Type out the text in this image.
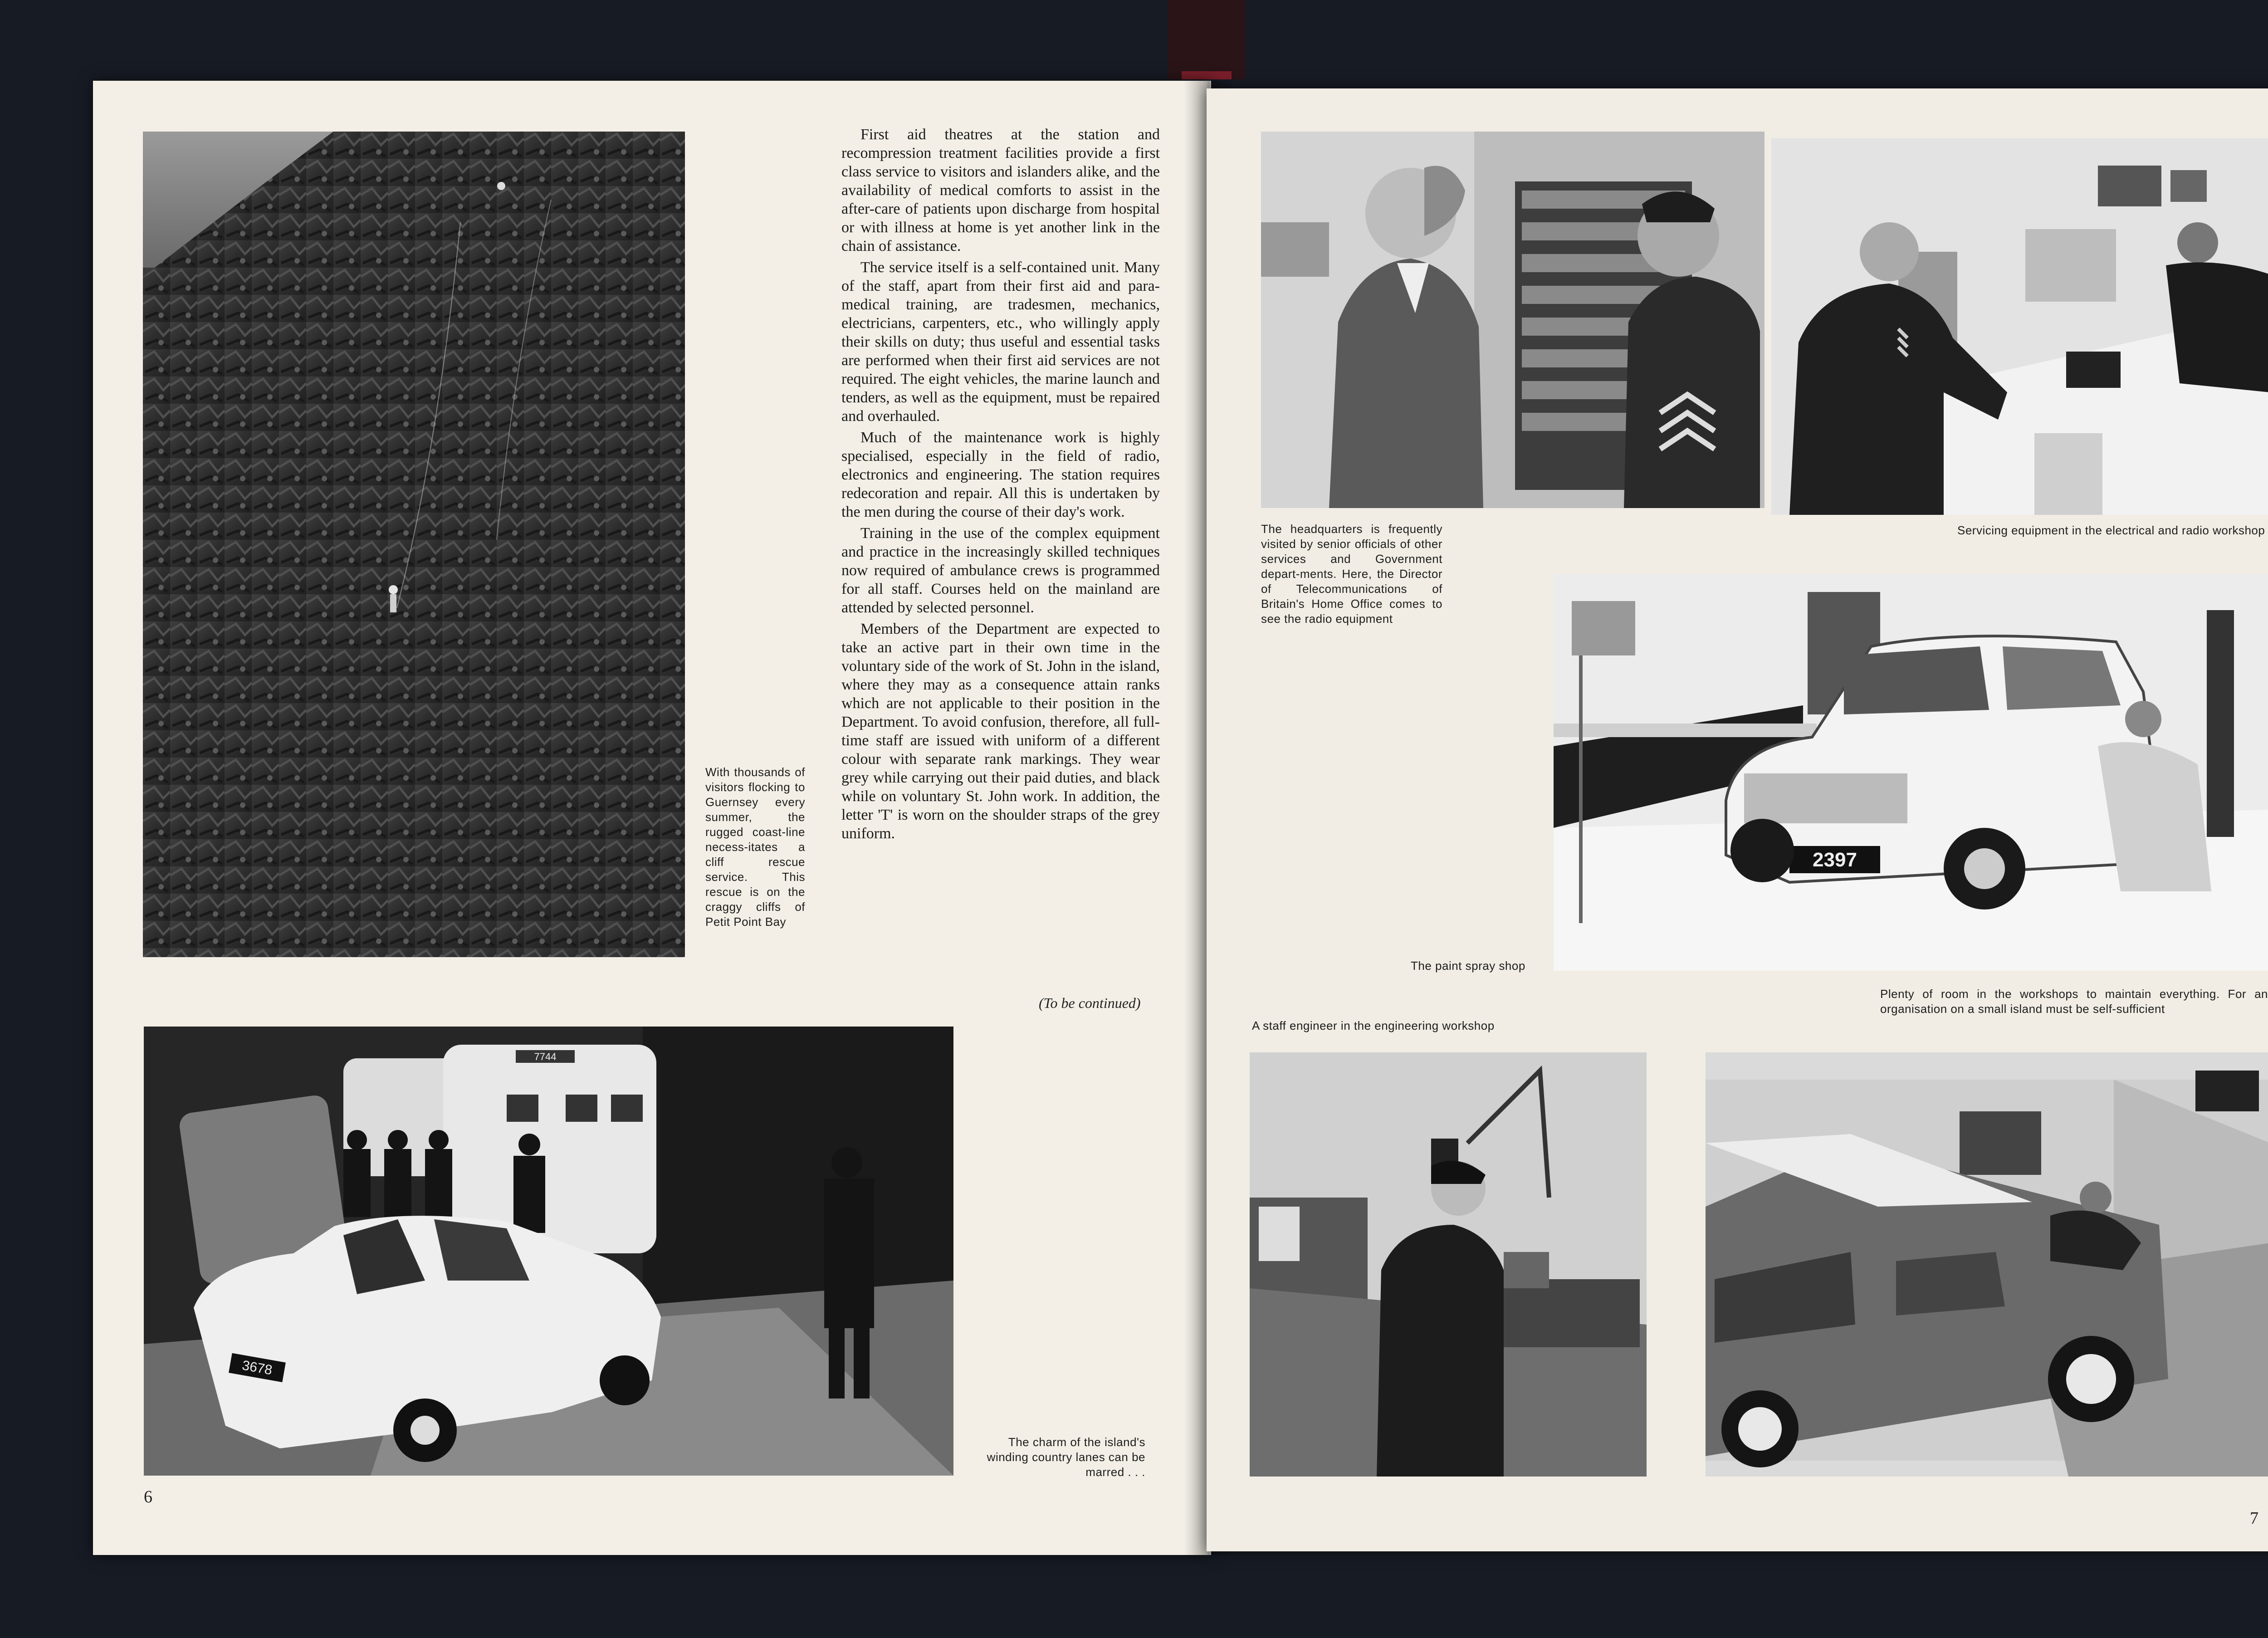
With thousands of visitors flocking to Guernsey every summer, the rugged coast-line necess-itates a cliff rescue service. This rescue is on the craggy cliffs of Petit Point Bay

First aid theatres at the station and recompression treatment facilities provide a first class service to visitors and islanders alike, and the availability of medical comforts to assist in the after-care of patients upon discharge from hospital or with illness at home is yet another link in the chain of assistance.

The service itself is a self-contained unit. Many of the staff, apart from their first aid and para-medical training, are tradesmen, mechanics, electricians, carpenters, etc., who willingly apply their skills on duty; thus useful and essential tasks are performed when their first aid services are not required. The eight vehicles, the marine launch and tenders, as well as the equipment, must be repaired and overhauled.

Much of the maintenance work is highly specialised, especially in the field of radio, electronics and engineering. The station requires redecoration and repair. All this is undertaken by the men during the course of their day's work.

Training in the use of the complex equipment and practice in the increasingly skilled techniques now required of ambulance crews is programmed for all staff. Courses held on the mainland are attended by selected personnel.

Members of the Department are expected to take an active part in their own time in the voluntary side of the work of St. John in the island, where they may as a consequence attain ranks which are not applicable to their position in the Department. To avoid confusion, therefore, all full-time staff are issued with uniform of a different colour with separate rank markings. They wear grey while carrying out their paid duties, and black while on voluntary St. John work. In addition, the letter 'T' is worn on the shoulder straps of the grey uniform.

(To be continued)
7744
3678
The charm of the island's winding country lanes can be marred . . .
6
The headquarters is frequently visited by senior officials of other services and Government depart-ments. Here, the Director of Telecommunications of Britain's Home Office comes to see the radio equipment
Servicing equipment in the electrical and radio workshop
2397
The paint spray shop
A staff engineer in the engineering workshop
Plenty of room in the workshops to maintain everything. For an organisation on a small island must be self-sufficient
7
